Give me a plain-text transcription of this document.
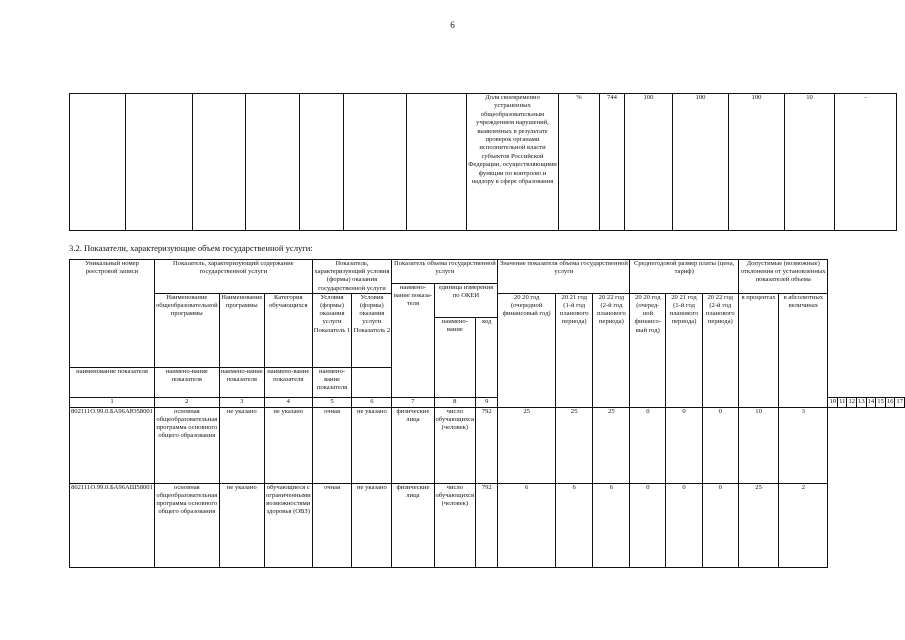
6
							Доля своевременно устраненных общеобразовательным учреждением нарушений, выявленных в результате проверок органами исполнительной власти субъектов Российской Федерации, осуществляющими функции по контролю и надзору в сфере образования	%	744	100	100	100	10	-
3.2. Показатели, характеризующие объем государственной услуги:
Уникальный номер реестровой записи	Показатель, характеризующий содержание государственной услуги			Показатель, характеризующий условия (формы) оказания государственной услуги		Показатель объема государственной услуги			Значение показателя объема государственной услуги			Среднегодовой размер платы (цена, тариф)			Допустимые (возможные) отклонения от установленных показателей объема									
						наимено-вание показа-теля	единица измерения по ОКЕИ																	
	Наименование общеобразовательной программы	Наименование программы	Категория обучающихся	Условия (формы) оказания услуги Показатель 1	Условия (формы) оказания услуги Показатель 2				20 20 год (очередной финансовый год)	20 21 год (1-й год планового периода)	20 22 год (2-й год планового периода)	20 20 год (очеред-ной финансо-вый год)	20 21 год (1-й год планового периода)	20 22 год (2-й год планового периода)	в процентах	в абсолютных величинах								
							наимено-вание	код																
наименование показателя	наимено-вание показателя	наимено-вание показателя	наимено-вание показателя	наимено-вание показателя																				
1	2	3	4	5	6	7	8	9									10	11	12	13	14	15	16	17
802111О.99.0.БА96АЮ58001	основная общеобразовательная программа основного общего образования	не указано	не указано	очная	не указано	физические лица	число обучающихся (человек)	792	25	25	25	0	0	0	10	3								
802111О.99.0.БА96АШ58001	основная общеобразовательная программа основного общего образования	не указано	обучающиеся с ограниченными возможностями здоровья (ОВЗ)	очная	не указано	физические лица	число обучающихся (человек)	792	6	6	6	0	0	0	25	2								
